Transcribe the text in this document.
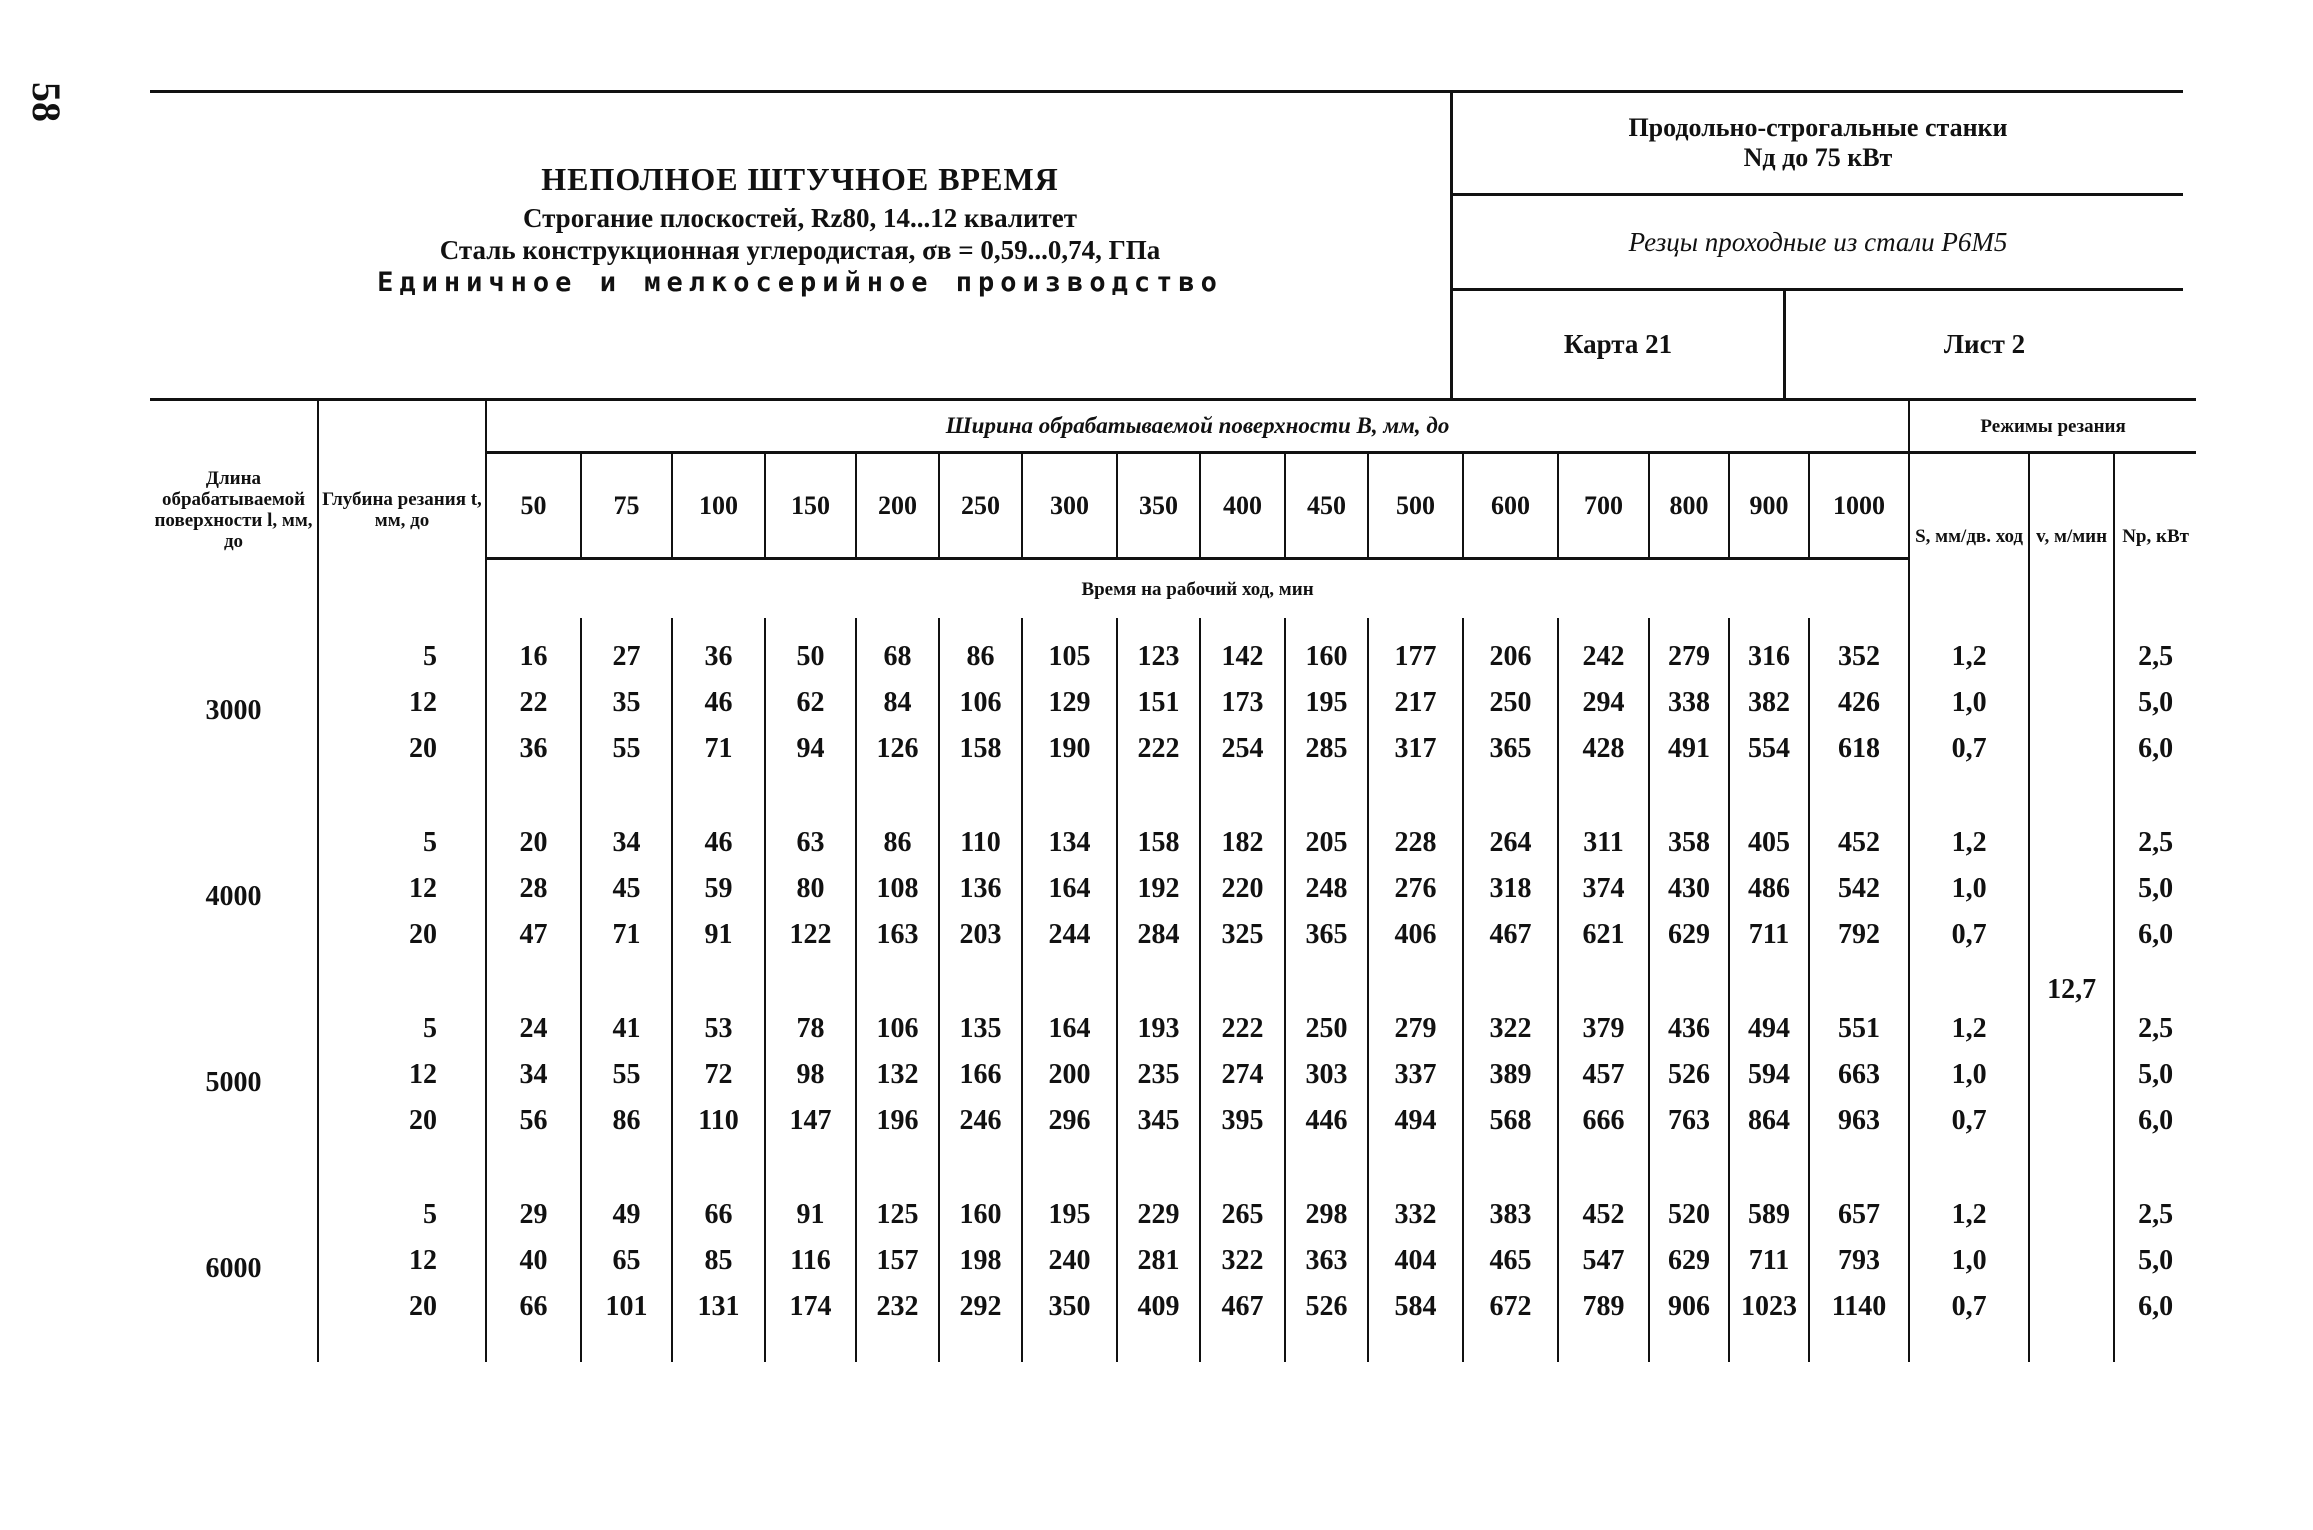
58
НЕПОЛНОЕ ШТУЧНОЕ ВРЕМЯ
Строгание плоскостей, Rz80, 14...12 квалитет
Сталь конструкционная углеродистая, σв = 0,59...0,74, ГПа
Единичное и мелкосерийное производство
Продольно-строгальные станки
Nд до 75 кВт
Резцы проходные из стали Р6М5
Карта 21	Лист 2
Длина обрабатываемой поверхности l, мм, до	Глубина резания t, мм, до	Ширина обрабатываемой поверхности B, мм, до																Режимы резания		
		50	75	100	150	200	250	300	350	400	450	500	600	700	800	900	1000	S, мм/дв. ход	v, м/мин	Np, кВт
		Время на рабочий ход, мин																		
3000	5	16	27	36	50	68	86	105	123	142	160	177	206	242	279	316	352	1,2	12,7	2,5
	12	22	35	46	62	84	106	129	151	173	195	217	250	294	338	382	426	1,0		5,0
	20	36	55	71	94	126	158	190	222	254	285	317	365	428	491	554	618	0,7		6,0
4000	5	20	34	46	63	86	110	134	158	182	205	228	264	311	358	405	452	1,2		2,5
	12	28	45	59	80	108	136	164	192	220	248	276	318	374	430	486	542	1,0		5,0
	20	47	71	91	122	163	203	244	284	325	365	406	467	621	629	711	792	0,7		6,0
5000	5	24	41	53	78	106	135	164	193	222	250	279	322	379	436	494	551	1,2		2,5
	12	34	55	72	98	132	166	200	235	274	303	337	389	457	526	594	663	1,0		5,0
	20	56	86	110	147	196	246	296	345	395	446	494	568	666	763	864	963	0,7		6,0
6000	5	29	49	66	91	125	160	195	229	265	298	332	383	452	520	589	657	1,2		2,5
	12	40	65	85	116	157	198	240	281	322	363	404	465	547	629	711	793	1,0		5,0
	20	66	101	131	174	232	292	350	409	467	526	584	672	789	906	1023	1140	0,7		6,0
